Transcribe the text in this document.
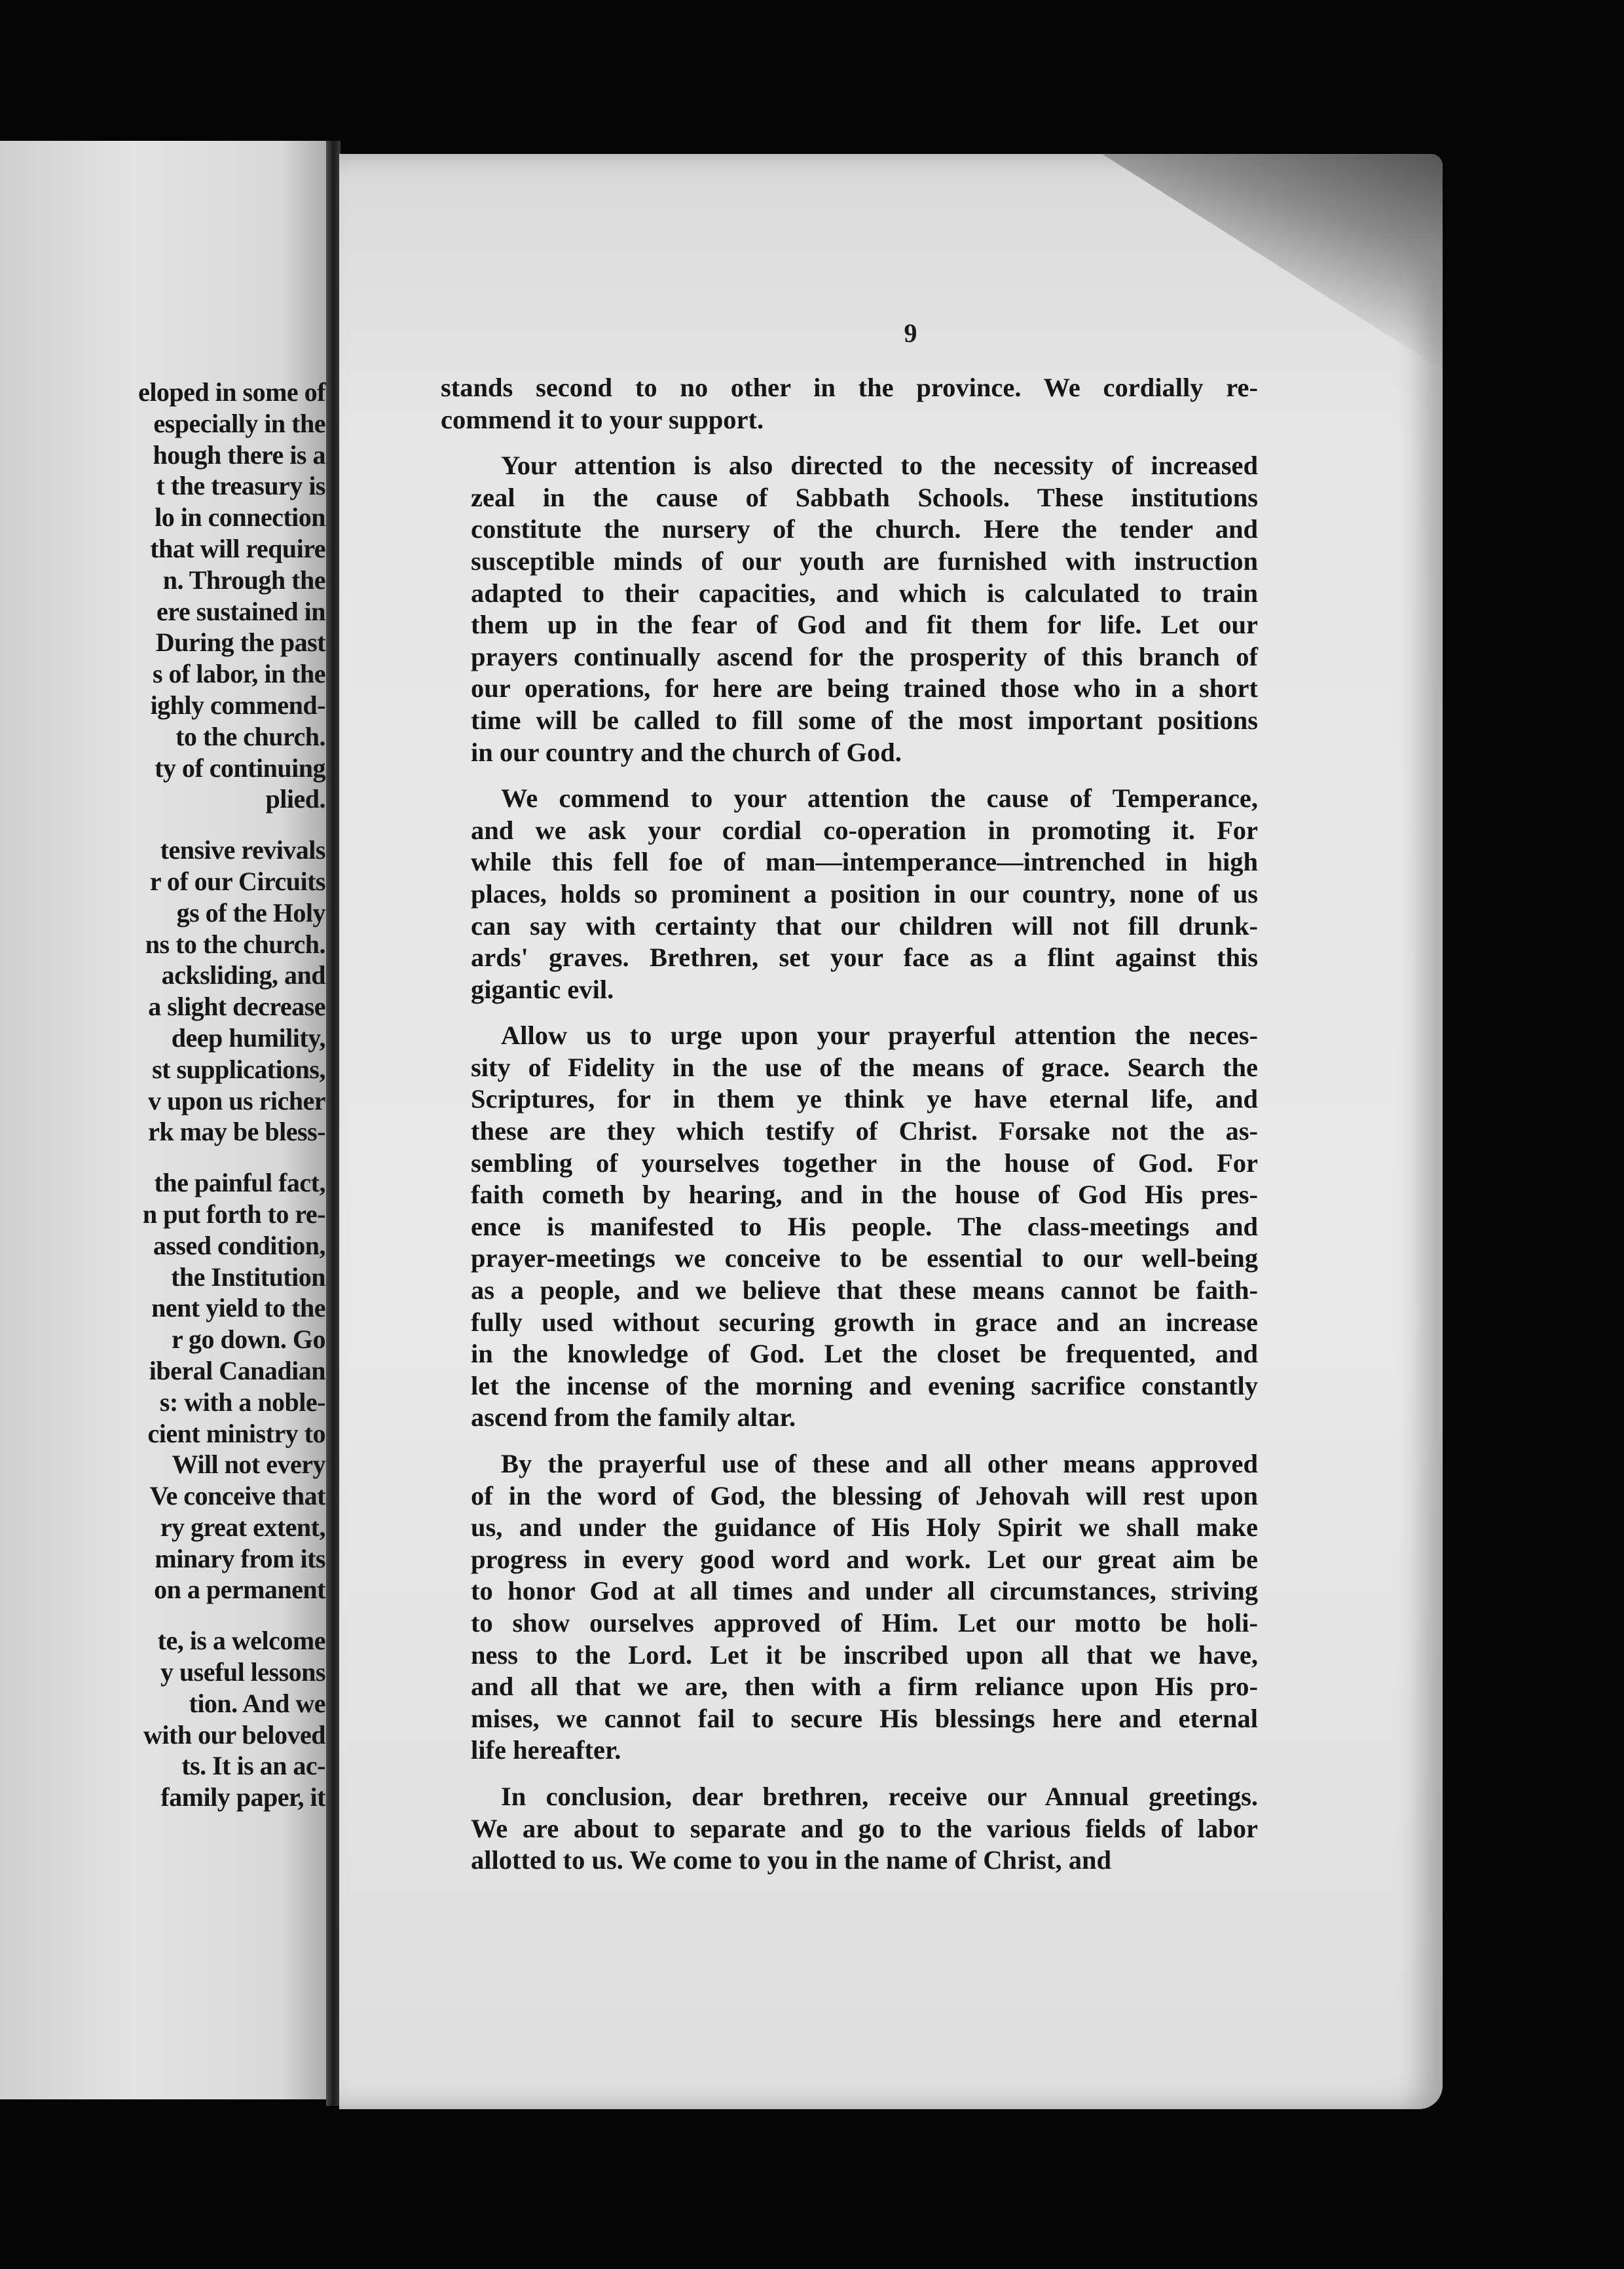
eloped in some of
especially in the
hough there is a
t the treasury is
lo in connection
that will require
n. Through the
ere sustained in
During the past
s of labor, in the
ighly commend-
to the church.
ty of continuing
plied.
tensive revivals
r of our Circuits
gs of the Holy
ns to the church.
acksliding, and
a slight decrease
deep humility,
st supplications,
v upon us richer
rk may be bless-
the painful fact,
n put forth to re-
assed condition,
the Institution
nent yield to the
r go down. Go
iberal Canadian
s: with a noble-
cient ministry to
Will not every
Ve conceive that
ry great extent,
minary from its
on a permanent
te, is a welcome
y useful lessons
tion. And we
with our beloved
ts. It is an ac-
family paper, it
9
stands second to no other in the province. We cordially re-
commend it to your support.
Your attention is also directed to the necessity of increased
zeal in the cause of Sabbath Schools. These institutions
constitute the nursery of the church. Here the tender and
susceptible minds of our youth are furnished with instruction
adapted to their capacities, and which is calculated to train
them up in the fear of God and fit them for life. Let our
prayers continually ascend for the prosperity of this branch of
our operations, for here are being trained those who in a short
time will be called to fill some of the most important positions
in our country and the church of God.
We commend to your attention the cause of Temperance,
and we ask your cordial co-operation in promoting it. For
while this fell foe of man—intemperance—intrenched in high
places, holds so prominent a position in our country, none of us
can say with certainty that our children will not fill drunk-
ards' graves. Brethren, set your face as a flint against this
gigantic evil.
Allow us to urge upon your prayerful attention the neces-
sity of Fidelity in the use of the means of grace. Search the
Scriptures, for in them ye think ye have eternal life, and
these are they which testify of Christ. Forsake not the as-
sembling of yourselves together in the house of God. For
faith cometh by hearing, and in the house of God His pres-
ence is manifested to His people. The class-meetings and
prayer-meetings we conceive to be essential to our well-being
as a people, and we believe that these means cannot be faith-
fully used without securing growth in grace and an increase
in the knowledge of God. Let the closet be frequented, and
let the incense of the morning and evening sacrifice constantly
ascend from the family altar.
By the prayerful use of these and all other means approved
of in the word of God, the blessing of Jehovah will rest upon
us, and under the guidance of His Holy Spirit we shall make
progress in every good word and work. Let our great aim be
to honor God at all times and under all circumstances, striving
to show ourselves approved of Him. Let our motto be holi-
ness to the Lord. Let it be inscribed upon all that we have,
and all that we are, then with a firm reliance upon His pro-
mises, we cannot fail to secure His blessings here and eternal
life hereafter.
In conclusion, dear brethren, receive our Annual greetings.
We are about to separate and go to the various fields of labor
allotted to us. We come to you in the name of Christ, and
